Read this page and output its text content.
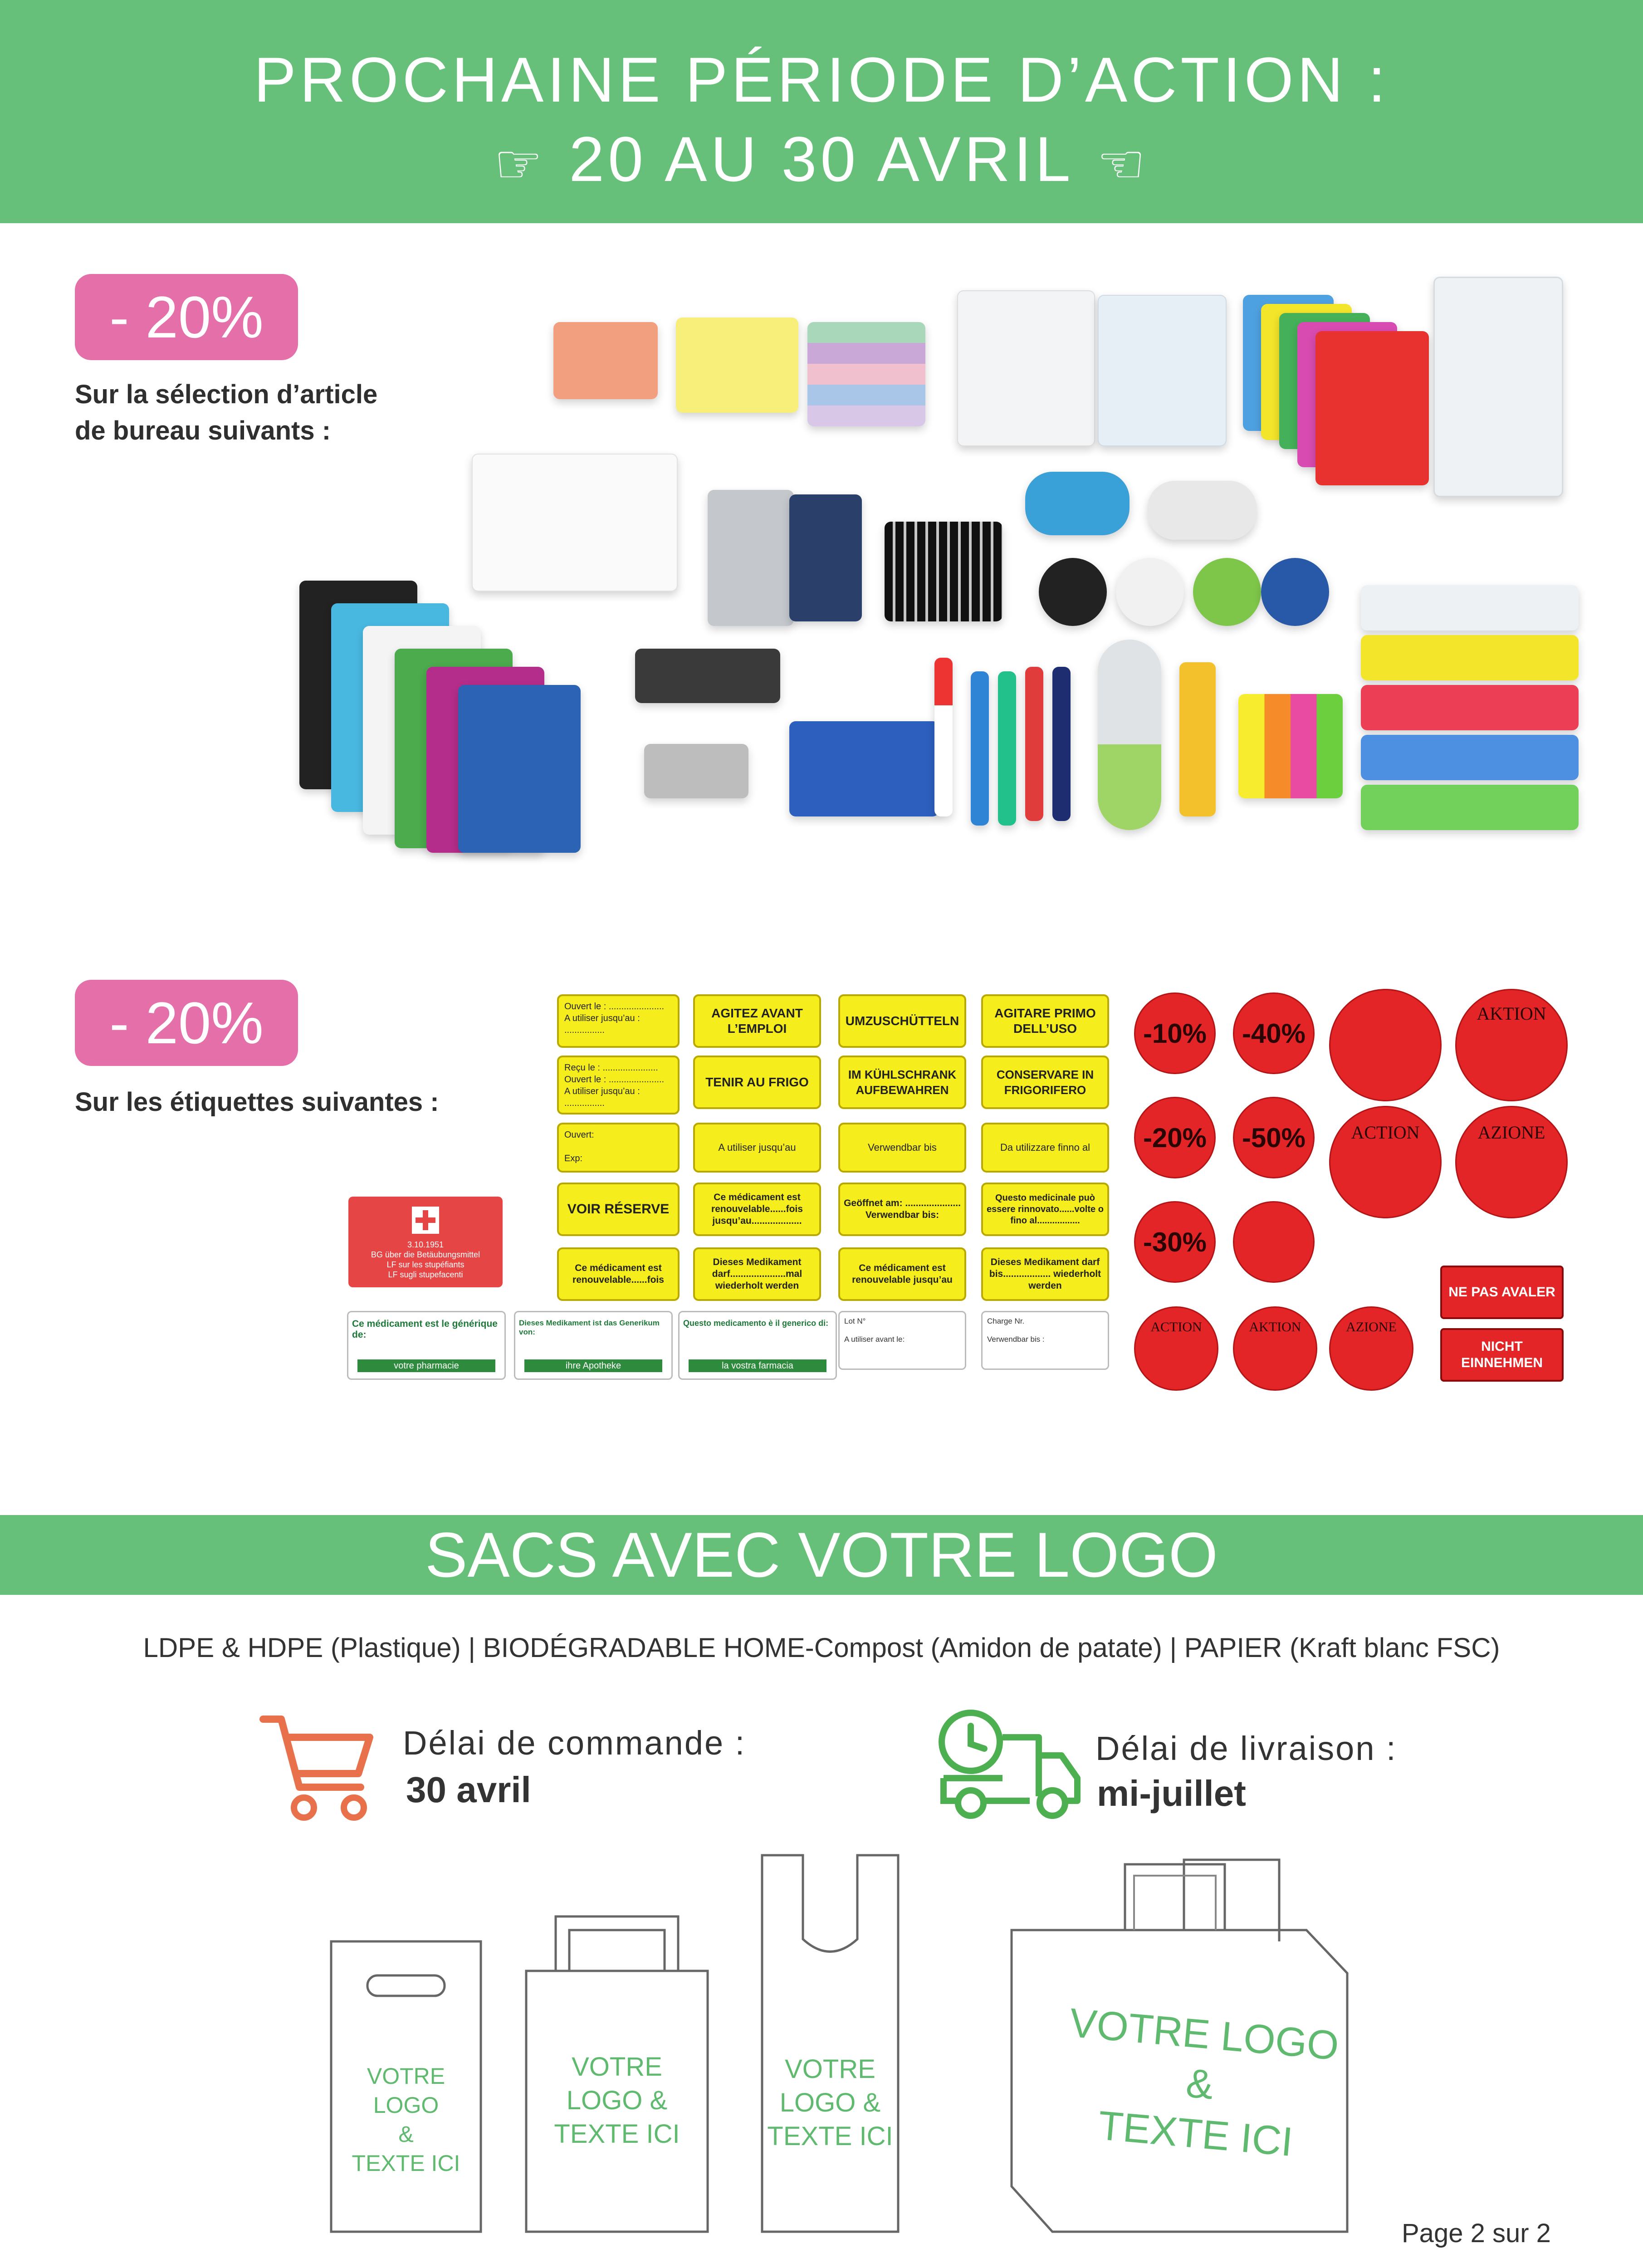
PROCHAINE PÉRIODE D’ACTION :
☞ 20 AU 30 AVRIL ☜
- 20%
Sur la sélection d’article
de bureau suivants :
- 20%
Sur les étiquettes suivantes :
Ouvert le : ......................
A utiliser jusqu’au : ................
Reçu le : ......................
Ouvert le : ......................
A utiliser jusqu’au : ................
Ouvert:

Exp:
VOIR RÉSERVE
Ce médicament est renouvelable......fois
AGITEZ AVANT L’EMPLOI
UMZUSCHÜTTELN
AGITARE PRIMO DELL’USO
TENIR AU FRIGO
IM KÜHLSCHRANK AUFBEWAHREN
CONSERVARE IN FRIGORIFERO
A utiliser jusqu’au	Verwendbar bis	Da utilizzare finno al
Ce médicament est renouvelable......fois jusqu’au...................
Geöffnet am: ..................... Verwendbar bis:
Questo medicinale può essere rinnovato......volte o fino al.................
Dieses Medikament darf.....................mal wiederholt werden
Ce médicament est renouvelable jusqu’au
Dieses Medikament darf bis.................. wiederholt werden
3.10.1951
BG über die Betäubungsmittel
LF sur les stupéfiants
LF sugli stupefacenti
Ce médicament est le générique de:
votre pharmacie
Dieses Medikament ist das Generikum von:
ihre Apotheke
Questo medicamento è il generico di:
la vostra farmacia
Lot N°

A utiliser avant le:
Charge Nr.

Verwendbar bis :
-10%	-40%
AKTION
-20%	-50%	ACTION	AZIONE
-30%
ACTION	AKTION	AZIONE
NE PAS AVALER
NICHT EINNEHMEN
SACS AVEC VOTRE LOGO
LDPE & HDPE (Plastique) | BIODÉGRADABLE HOME-Compost (Amidon de patate) | PAPIER (Kraft blanc FSC)
Délai de commande :
30 avril
Délai de livraison :
mi-juillet
VOTRE LOGO
&
TEXTE ICI
VOTRE
LOGO &
TEXTE ICI
VOTRE
LOGO &
TEXTE ICI
VOTRE LOGO &
TEXTE ICI
Page 2 sur 2
